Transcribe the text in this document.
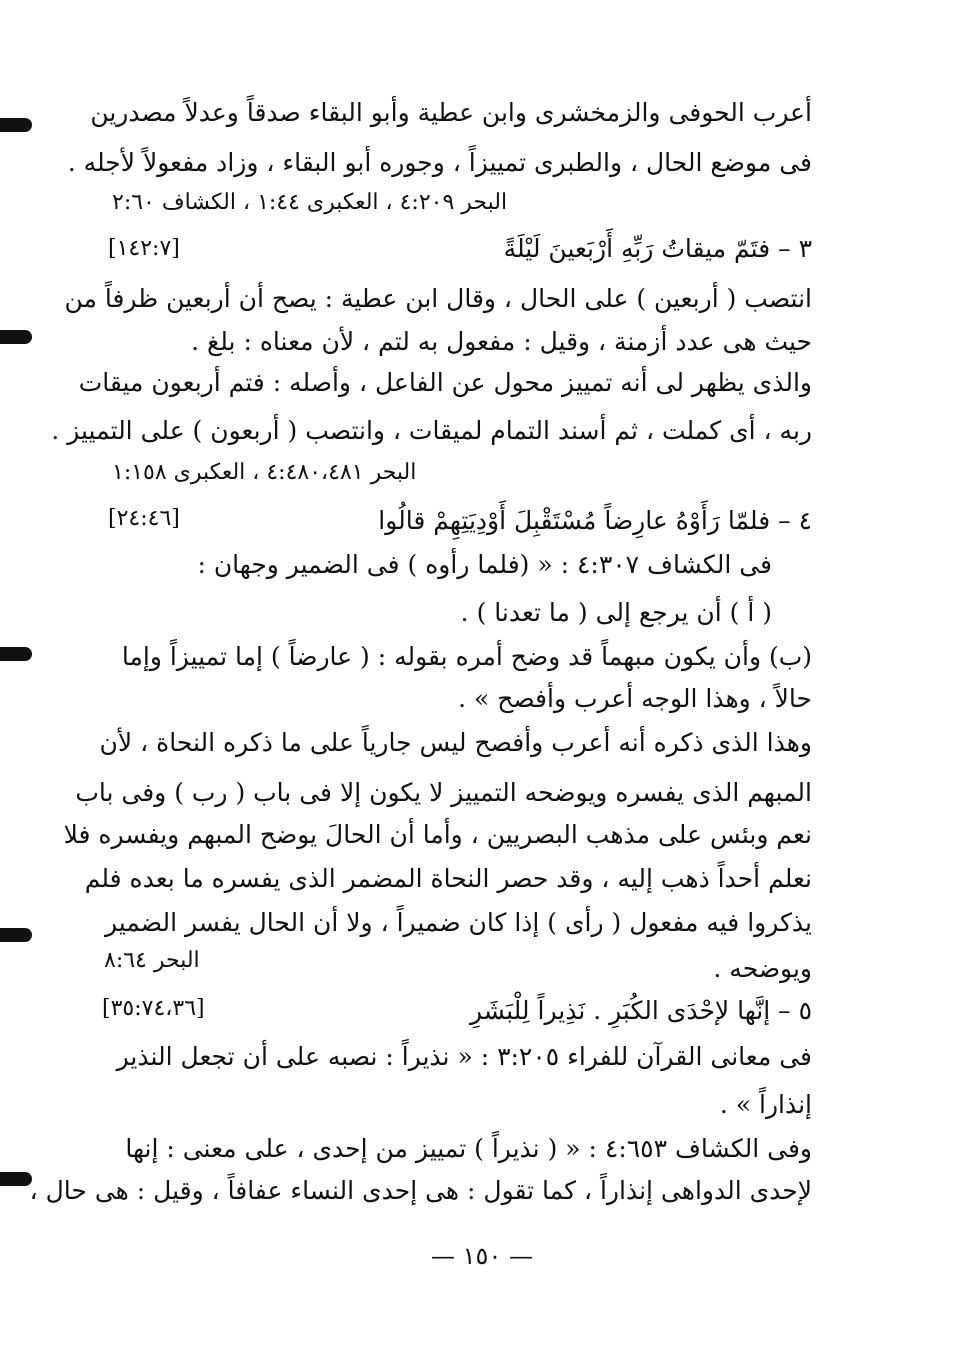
أعرب الحوفى والزمخشرى وابن عطية وأبو البقاء صدقاً وعدلاً مصدرين
فى موضع الحال ، والطبرى تمييزاً ، وجوره أبو البقاء ، وزاد مفعولاً لأجله .
البحر ٤:٢٠٩ ، العكبرى ١:٤٤ ، الكشاف ٢:٦٠
٣ – فتَمّ ميقاتُ رَبِّهِ أَرْبَعينَ لَيْلَةً
[١٤٢:٧]
انتصب ( أربعين ) على الحال ، وقال ابن عطية : يصح أن أربعين ظرفاً من
حيث هى عدد أزمنة ، وقيل : مفعول به لتم ، لأن معناه : بلغ .
والذى يظهر لى أنه تمييز محول عن الفاعل ، وأصله : فتم أربعون ميقات
ربه ، أى كملت ، ثم أسند التمام لميقات ، وانتصب ( أربعون ) على التمييز .
البحر ٤:٤٨٠،٤٨١ ، العكبرى ١:١٥٨
٤ – فلمّا رَأَوْهُ عارِضاً مُسْتَقْبِلَ أَوْدِيَتِهِمْ قالُوا
[٢٤:٤٦]
فى الكشاف ٤:٣٠٧ : « (فلما رأوه ) فى الضمير وجهان :
( أ ) أن يرجع إلى ( ما تعدنا ) .
(ب) وأن يكون مبهماً قد وضح أمره بقوله : ( عارضاً ) إما تمييزاً وإما
حالاً ، وهذا الوجه أعرب وأفصح » .
وهذا الذى ذكره أنه أعرب وأفصح ليس جارياً على ما ذكره النحاة ، لأن
المبهم الذى يفسره ويوضحه التمييز لا يكون إلا فى باب ( رب ) وفى باب
نعم وبئس على مذهب البصريين ، وأما أن الحالَ يوضح المبهم ويفسره فلا
نعلم أحداً ذهب إليه ، وقد حصر النحاة المضمر الذى يفسره ما بعده فلم
يذكروا فيه مفعول ( رأى ) إذا كان ضميراً ، ولا أن الحال يفسر الضمير
البحر ٨:٦٤	ويوضحه .
٥ – إنَّها لإحْدَى الكُبَرِ . نَذِيراً لِلْبَشَرِ
[٣٥:٧٤،٣٦]
فى معانى القرآن للفراء ٣:٢٠٥ : « نذيراً : نصبه على أن تجعل النذير
إنذاراً » .
وفى الكشاف ٤:٦٥٣ : « ( نذيراً ) تمييز من إحدى ، على معنى : إنها
لإحدى الدواهى إنذاراً ، كما تقول : هى إحدى النساء عفافاً ، وقيل : هى حال ،
— ١٥٠ —
